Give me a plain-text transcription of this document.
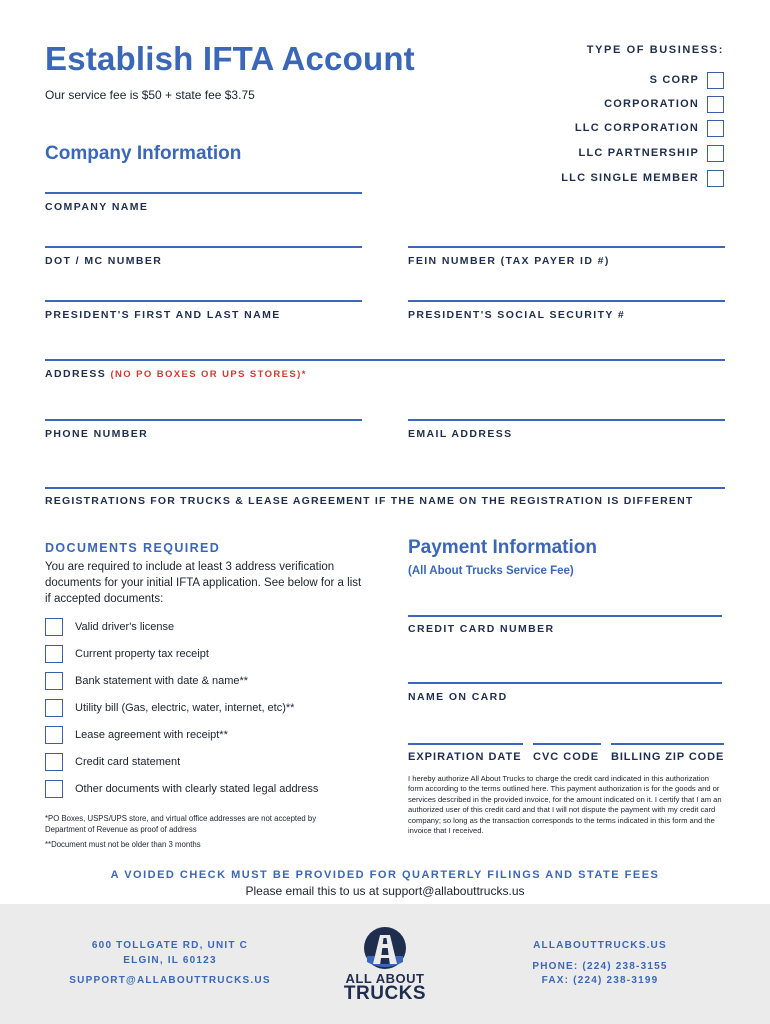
Establish IFTA Account
Our service fee is $50 + state fee $3.75
TYPE OF BUSINESS:
S CORP
CORPORATION
LLC CORPORATION
LLC PARTNERSHIP
LLC SINGLE MEMBER
Company Information
COMPANY NAME
DOT / MC NUMBER	FEIN NUMBER (TAX PAYER ID #)
PRESIDENT'S FIRST AND LAST NAME	PRESIDENT'S SOCIAL SECURITY #
ADDRESS (NO PO BOXES OR UPS STORES)*
PHONE NUMBER	EMAIL ADDRESS
REGISTRATIONS FOR TRUCKS & LEASE AGREEMENT IF THE NAME ON THE REGISTRATION IS DIFFERENT
DOCUMENTS REQUIRED
You are required to include at least 3 address verification documents for your initial IFTA application. See below for a list if accepted documents:
Valid driver's license
Current property tax receipt
Bank statement with date & name**
Utility bill (Gas, electric, water, internet, etc)**
Lease agreement with receipt**
Credit card statement
Other documents with clearly stated legal address
*PO Boxes, USPS/UPS store, and virtual office addresses are not accepted by Department of Revenue as proof of address
**Document must not be older than 3 months
Payment Information
(All About Trucks Service Fee)
CREDIT CARD NUMBER
NAME ON CARD
EXPIRATION DATE CVC CODE BILLING ZIP CODE
I hereby authorize All About Trucks to charge the credit card indicated in this authorization form according to the terms outlined here. This payment authorization is for the goods and or services described in the provided invoice, for the amount indicated on it. I certify that I am an authorized user of this credit card and that I will not dispute the payment with my credit card company; so long as the transaction corresponds to the terms indicated in this form and the invoice that I received.
A VOIDED CHECK MUST BE PROVIDED FOR QUARTERLY FILINGS AND STATE FEES
Please email this to us at support@allabouttrucks.us
600 TOLLGATE RD, UNIT C
ELGIN, IL 60123
SUPPORT@ALLABOUTTRUCKS.US	ALL ABOUT
TRUCKS
ALLABOUTTRUCKS.US
PHONE: (224) 238-3155
FAX: (224) 238-3199
